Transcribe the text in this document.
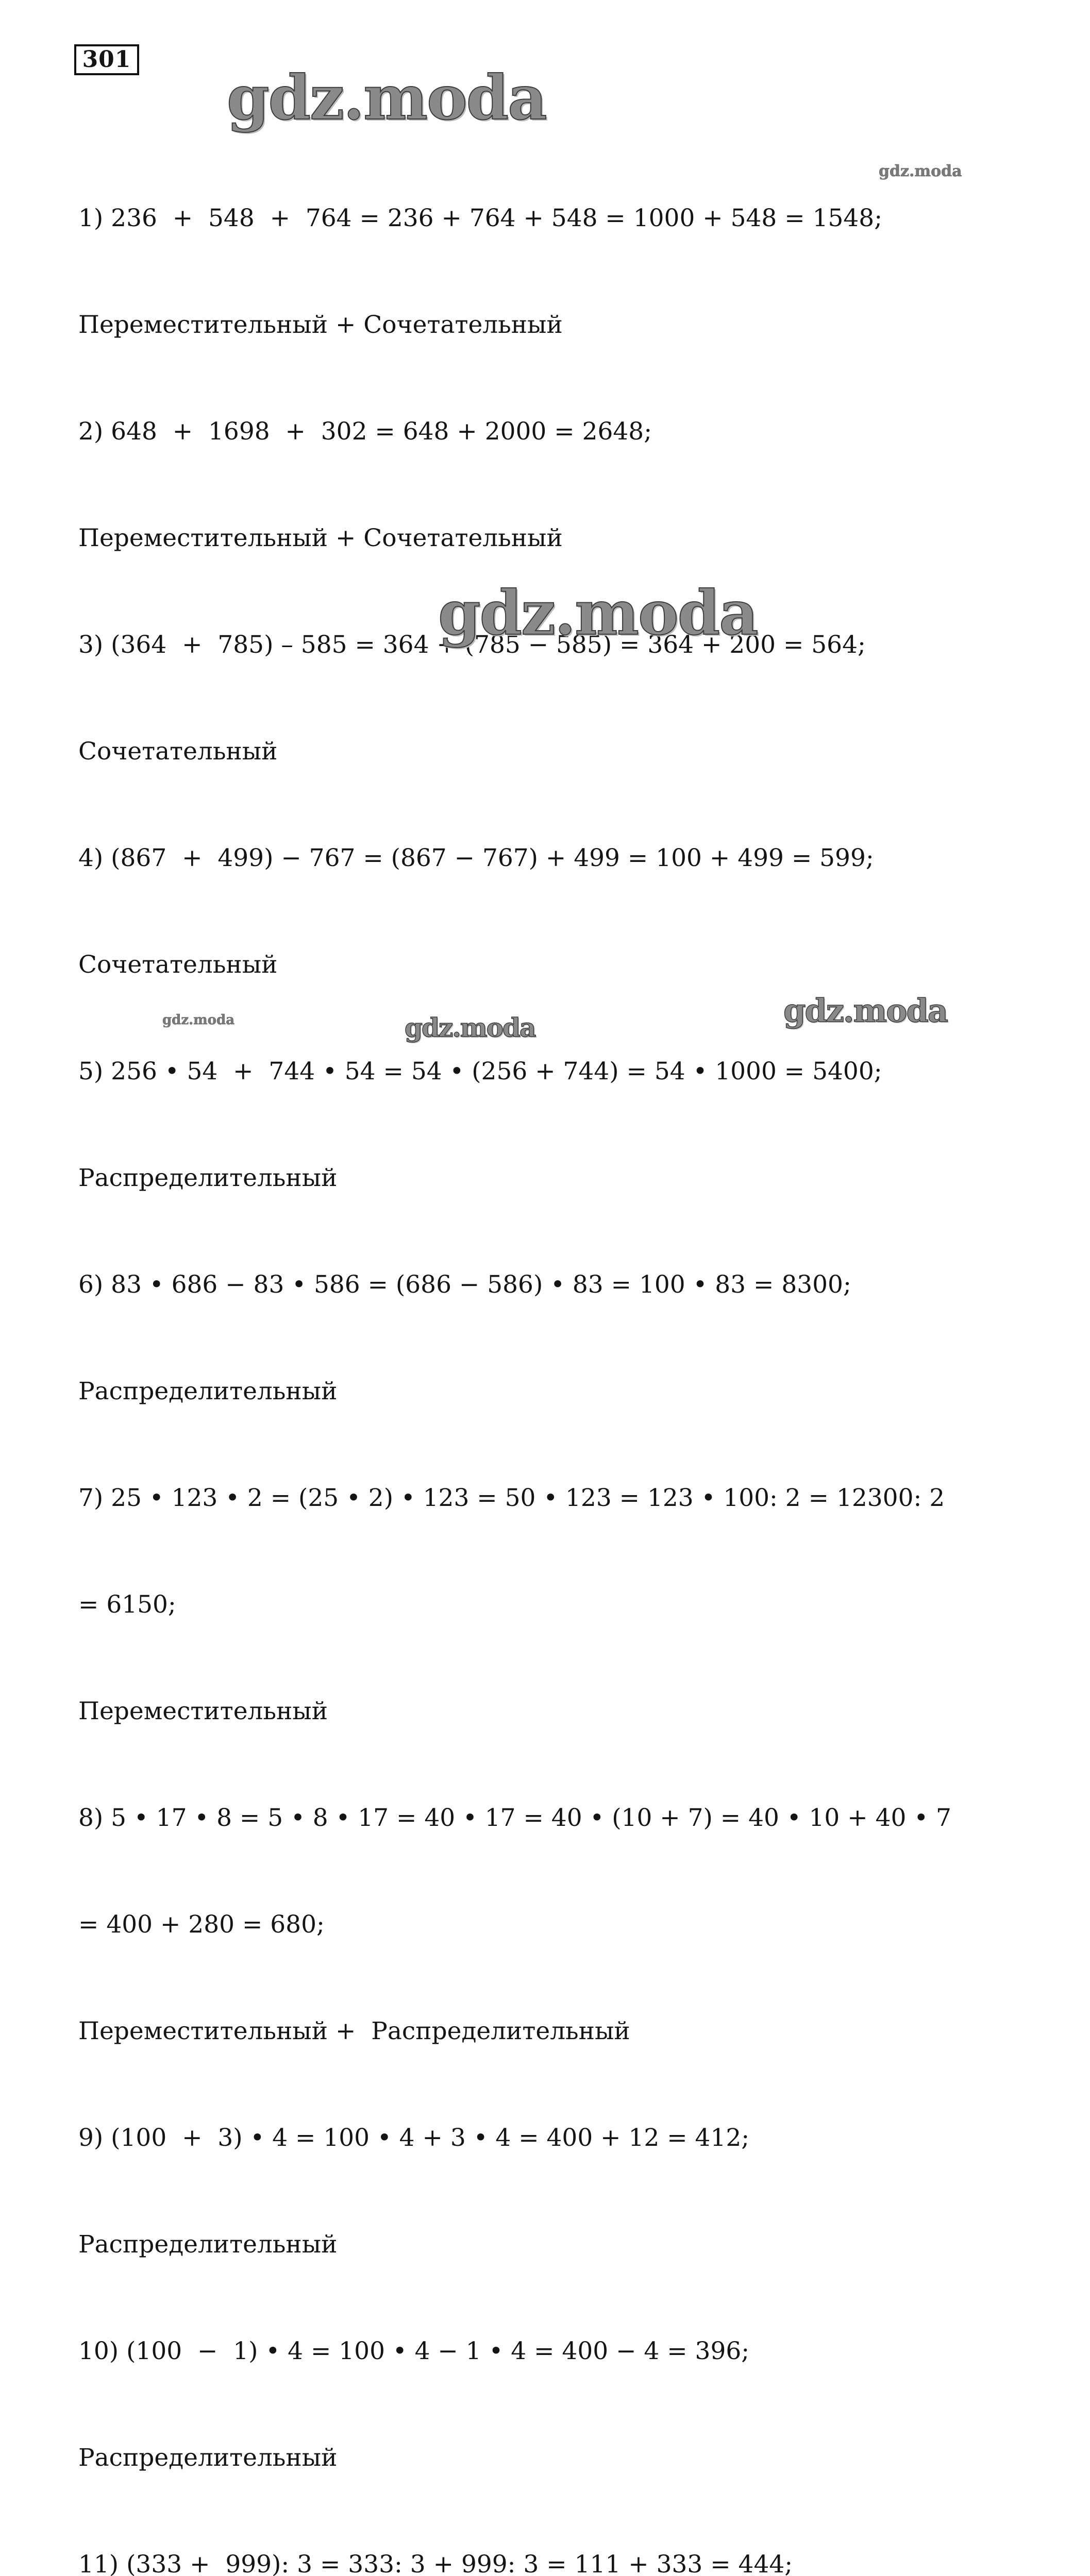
301

1) 236  +  548  +  764 = 236 + 764 + 548 = 1000 + 548 = 1548;

Переместительный + Сочетательный

2) 648  +  1698  +  302 = 648 + 2000 = 2648;

Переместительный + Сочетательный

3) (364  +  785) – 585 = 364 + (785 − 585) = 364 + 200 = 564;

Сочетательный

4) (867  +  499) − 767 = (867 − 767) + 499 = 100 + 499 = 599;

Сочетательный

5) 256 • 54  +  744 • 54 = 54 • (256 + 744) = 54 • 1000 = 5400;

Распределительный

6) 83 • 686 − 83 • 586 = (686 − 586) • 83 = 100 • 83 = 8300;

Распределительный

7) 25 • 123 • 2 = (25 • 2) • 123 = 50 • 123 = 123 • 100: 2 = 12300: 2

= 6150;

Переместительный

8) 5 • 17 • 8 = 5 • 8 • 17 = 40 • 17 = 40 • (10 + 7) = 40 • 10 + 40 • 7

= 400 + 280 = 680;

Переместительный +  Распределительный

9) (100  +  3) • 4 = 100 • 4 + 3 • 4 = 400 + 12 = 412;

Распределительный

10) (100  −  1) • 4 = 100 • 4 − 1 • 4 = 400 − 4 = 396;

Распределительный

11) (333 +  999): 3 = 333: 3 + 999: 3 = 111 + 333 = 444;

gdz.moda
gdz.moda
gdz.moda
gdz.moda
gdz.moda
gdz.moda
